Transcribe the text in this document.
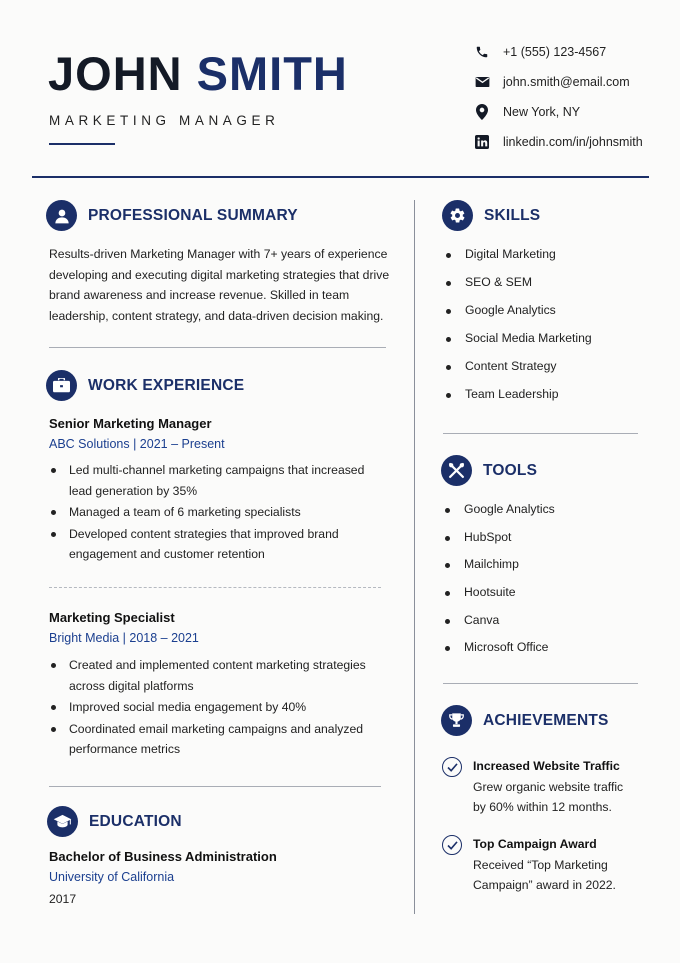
JOHN SMITH
MARKETING MANAGER
+1 (555) 123-4567
john.smith@email.com
New York, NY
linkedin.com/in/johnsmith
PROFESSIONAL SUMMARY
Results-driven Marketing Manager with 7+ years of experience developing and executing digital marketing strategies that drive brand awareness and increase revenue. Skilled in team leadership, content strategy, and data-driven decision making.
WORK EXPERIENCE
Senior Marketing Manager
ABC Solutions | 2021 – Present
Led multi-channel marketing campaigns that increased lead generation by 35%
Managed a team of 6 marketing specialists
Developed content strategies that improved brand engagement and customer retention
Marketing Specialist
Bright Media | 2018 – 2021
Created and implemented content marketing strategies across digital platforms
Improved social media engagement by 40%
Coordinated email marketing campaigns and analyzed performance metrics
EDUCATION
Bachelor of Business Administration
University of California
2017
SKILLS
Digital Marketing
SEO & SEM
Google Analytics
Social Media Marketing
Content Strategy
Team Leadership
TOOLS
Google Analytics
HubSpot
Mailchimp
Hootsuite
Canva
Microsoft Office
ACHIEVEMENTS
Increased Website Traffic
Grew organic website traffic
by 60% within 12 months.
Top Campaign Award
Received “Top Marketing
Campaign” award in 2022.
